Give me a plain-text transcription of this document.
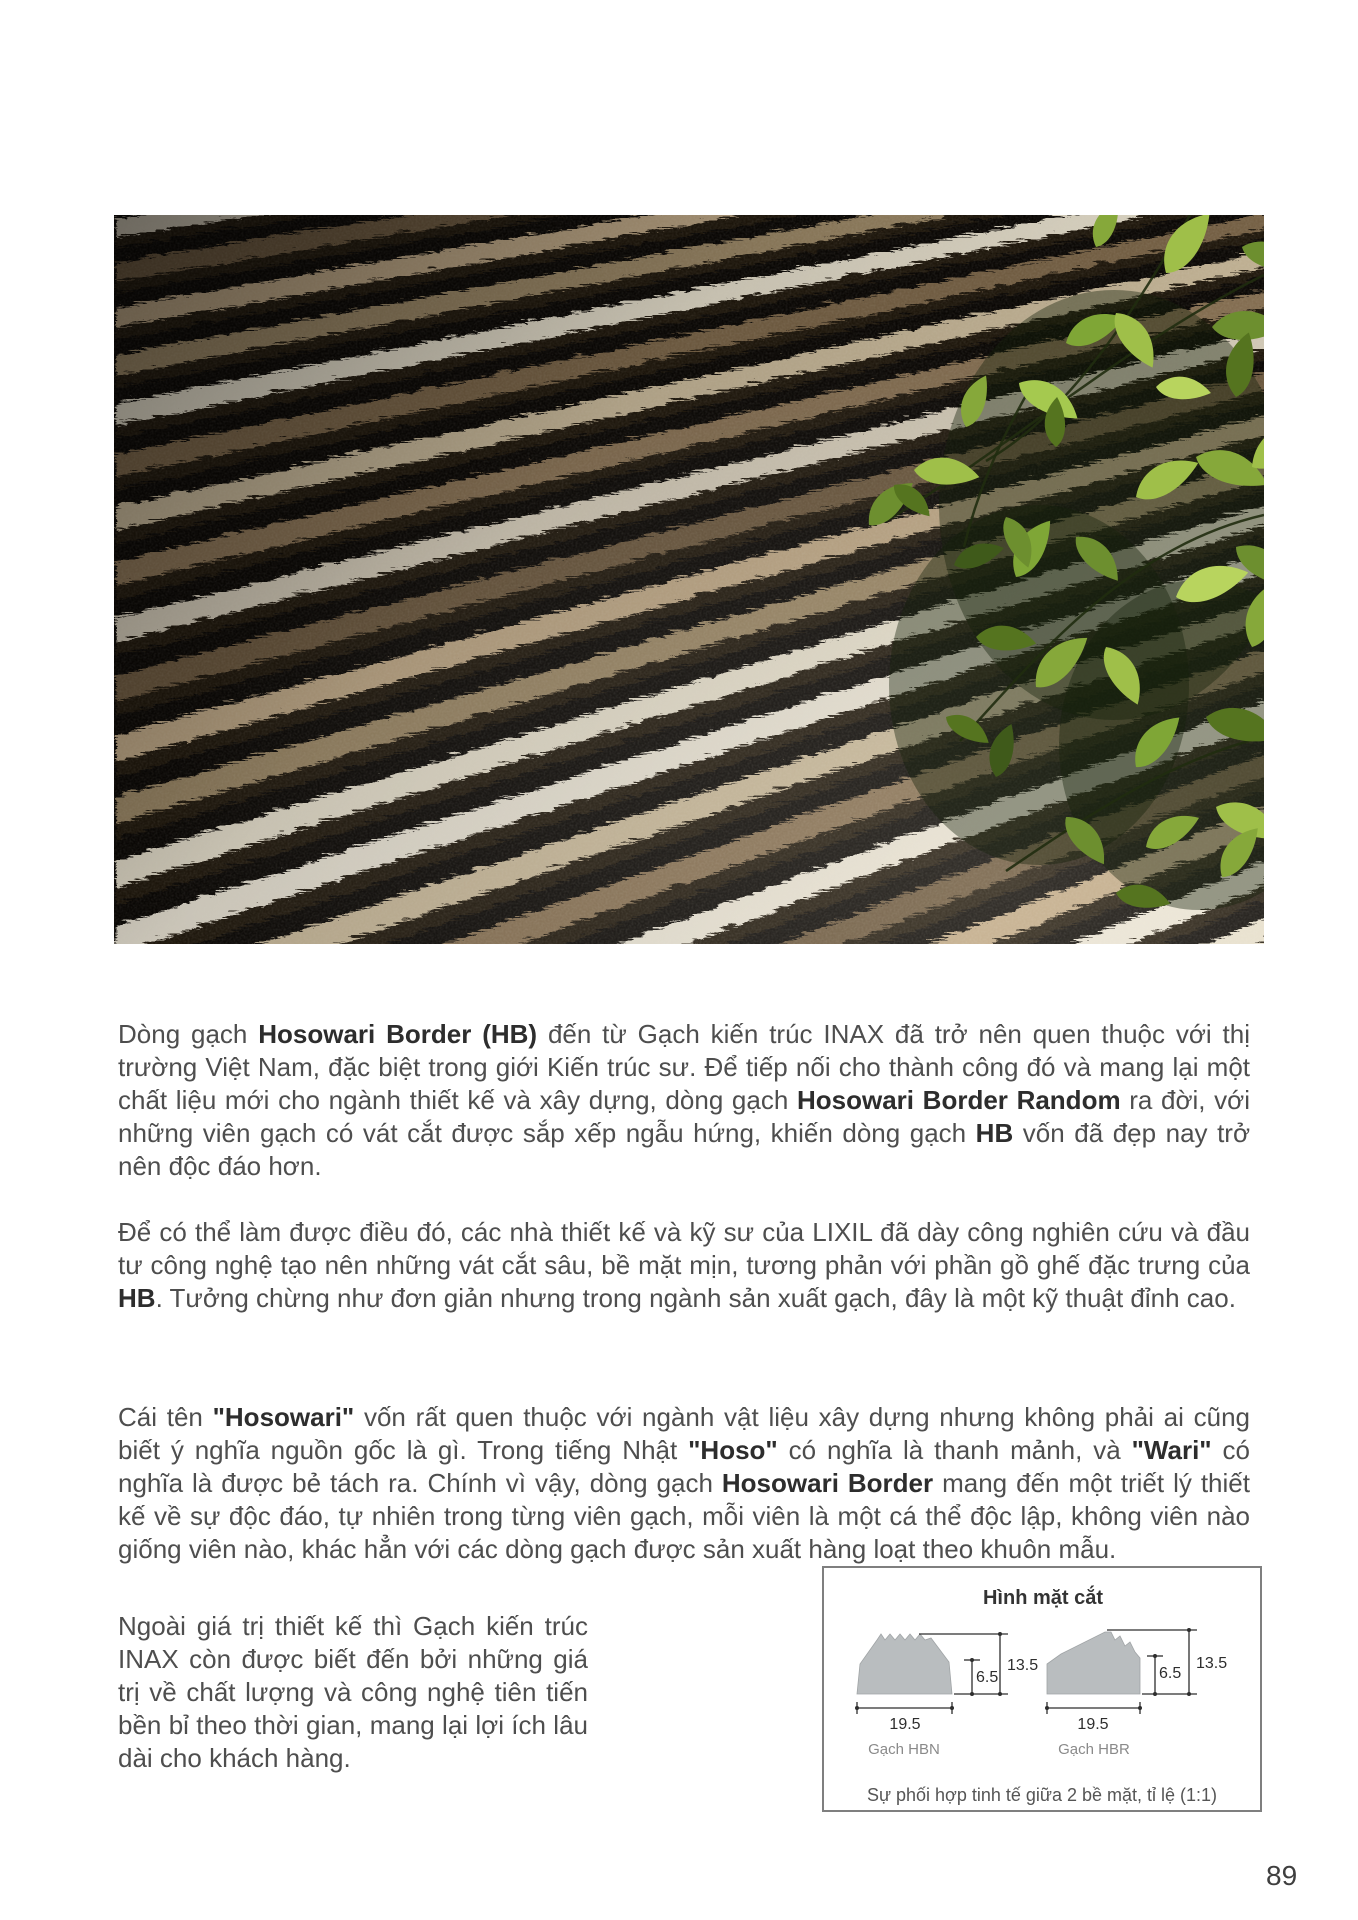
Dòng gạch Hosowari Border (HB) đến từ Gạch kiến trúc INAX đã trở nên quen thuộc với thị trường Việt Nam, đặc biệt trong giới Kiến trúc sư. Để tiếp nối cho thành công đó và mang lại một chất liệu mới cho ngành thiết kế và xây dựng, dòng gạch Hosowari Border Random ra đời, với những viên gạch có vát cắt được sắp xếp ngẫu hứng, khiến dòng gạch HB vốn đã đẹp nay trở nên độc đáo hơn.

Để có thể làm được điều đó, các nhà thiết kế và kỹ sư của LIXIL đã dày công nghiên cứu và đầu tư công nghệ tạo nên những vát cắt sâu, bề mặt mịn, tương phản với phần gồ ghế đặc trưng của HB. Tưởng chừng như đơn giản nhưng trong ngành sản xuất gạch, đây là một kỹ thuật đỉnh cao.

Cái tên "Hosowari" vốn rất quen thuộc với ngành vật liệu xây dựng nhưng không phải ai cũng biết ý nghĩa nguồn gốc là gì. Trong tiếng Nhật "Hoso" có nghĩa là thanh mảnh, và "Wari" có nghĩa là được bẻ tách ra. Chính vì vậy, dòng gạch Hosowari Border mang đến một triết lý thiết kế về sự độc đáo, tự nhiên trong từng viên gạch, mỗi viên là một cá thể độc lập, không viên nào giống viên nào, khác hẳn với các dòng gạch được sản xuất hàng loạt theo khuôn mẫu.

Ngoài giá trị thiết kế thì Gạch kiến trúc INAX còn được biết đến bởi những giá trị về chất lượng và công nghệ tiên tiến bền bỉ theo thời gian, mang lại lợi ích lâu dài cho khách hàng.

Hình mặt cắt
6.5
13.5
19.5
Gạch HBN
6.5
13.5
19.5
Gạch HBR
Sự phối hợp tinh tế giữa 2 bề mặt, tỉ lệ (1:1)
89
